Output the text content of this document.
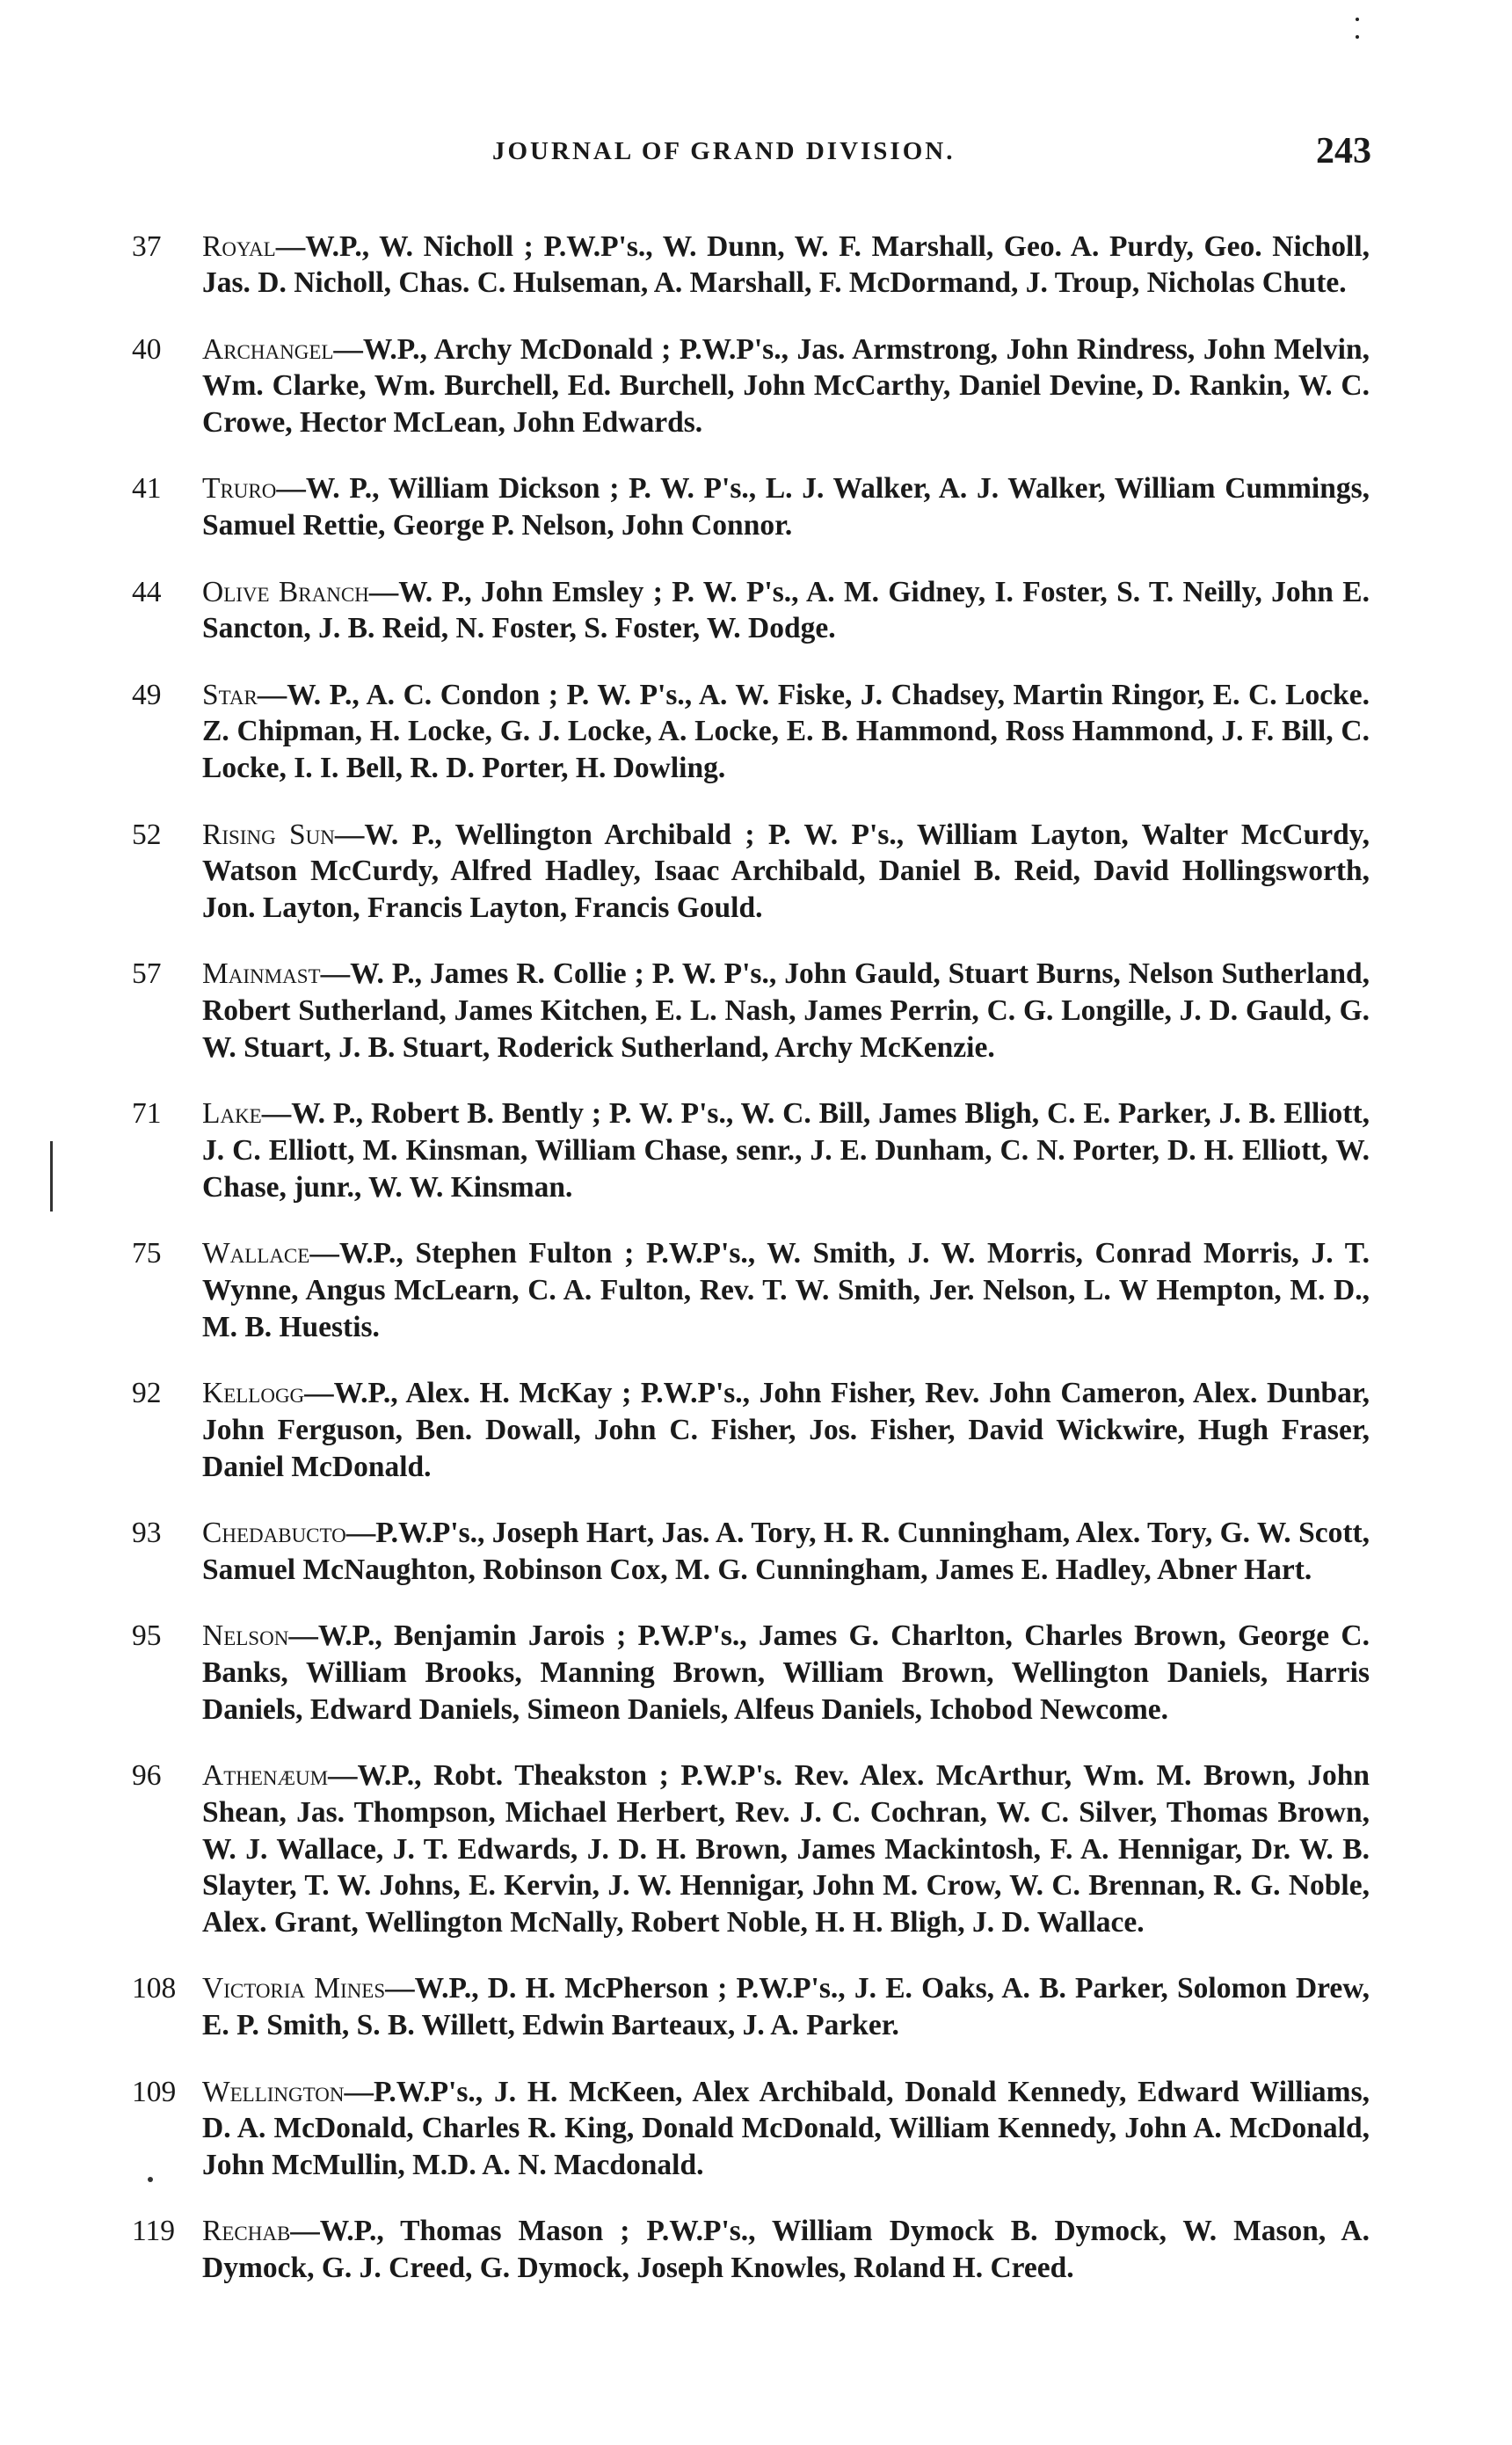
JOURNAL OF GRAND DIVISION.	243

37	Royal—W.P., W. Nicholl ; P.W.P's., W. Dunn, W. F. Marshall, Geo. A. Purdy, Geo. Nicholl, Jas. D. Nicholl, Chas. C. Hulseman, A. Marshall, F. McDormand, J. Troup, Nicholas Chute.

40	Archangel—W.P., Archy McDonald ; P.W.P's., Jas. Armstrong, John Rindress, John Melvin, Wm. Clarke, Wm. Burchell, Ed. Burchell, John McCarthy, Daniel Devine, D. Rankin, W. C. Crowe, Hector McLean, John Edwards.

41	Truro—W. P., William Dickson ; P. W. P's., L. J. Walker, A. J. Walker, William Cummings, Samuel Rettie, George P. Nelson, John Connor.

44	Olive Branch—W. P., John Emsley ; P. W. P's., A. M. Gidney, I. Foster, S. T. Neilly, John E. Sancton, J. B. Reid, N. Foster, S. Foster, W. Dodge.

49	Star—W. P., A. C. Condon ; P. W. P's., A. W. Fiske, J. Chadsey, Martin Ringor, E. C. Locke. Z. Chipman, H. Locke, G. J. Locke, A. Locke, E. B. Hammond, Ross Hammond, J. F. Bill, C. Locke, I. I. Bell, R. D. Porter, H. Dowling.

52	Rising Sun—W. P., Wellington Archibald ; P. W. P's., William Layton, Walter McCurdy, Watson McCurdy, Alfred Hadley, Isaac Archibald, Daniel B. Reid, David Hollingsworth, Jon. Layton, Francis Layton, Francis Gould.

57	Mainmast—W. P., James R. Collie ; P. W. P's., John Gauld, Stuart Burns, Nelson Sutherland, Robert Sutherland, James Kitchen, E. L. Nash, James Perrin, C. G. Longille, J. D. Gauld, G. W. Stuart, J. B. Stuart, Roderick Sutherland, Archy McKenzie.

71	Lake—W. P., Robert B. Bently ; P. W. P's., W. C. Bill, James Bligh, C. E. Parker, J. B. Elliott, J. C. Elliott, M. Kinsman, William Chase, senr., J. E. Dunham, C. N. Porter, D. H. Elliott, W. Chase, junr., W. W. Kinsman.

75	Wallace—W.P., Stephen Fulton ; P.W.P's., W. Smith, J. W. Morris, Conrad Morris, J. T. Wynne, Angus McLearn, C. A. Fulton, Rev. T. W. Smith, Jer. Nelson, L. W Hempton, M. D., M. B. Huestis.

92	Kellogg—W.P., Alex. H. McKay ; P.W.P's., John Fisher, Rev. John Cameron, Alex. Dunbar, John Ferguson, Ben. Dowall, John C. Fisher, Jos. Fisher, David Wickwire, Hugh Fraser, Daniel McDonald.

93	Chedabucto—P.W.P's., Joseph Hart, Jas. A. Tory, H. R. Cunningham, Alex. Tory, G. W. Scott, Samuel McNaughton, Robinson Cox, M. G. Cunningham, James E. Hadley, Abner Hart.

95	Nelson—W.P., Benjamin Jarois ; P.W.P's., James G. Charlton, Charles Brown, George C. Banks, William Brooks, Manning Brown, William Brown, Wellington Daniels, Harris Daniels, Edward Daniels, Simeon Daniels, Alfeus Daniels, Ichobod Newcome.

96	Athenæum—W.P., Robt. Theakston ; P.W.P's. Rev. Alex. McArthur, Wm. M. Brown, John Shean, Jas. Thompson, Michael Herbert, Rev. J. C. Cochran, W. C. Silver, Thomas Brown, W. J. Wallace, J. T. Edwards, J. D. H. Brown, James Mackintosh, F. A. Hennigar, Dr. W. B. Slayter, T. W. Johns, E. Kervin, J. W. Hennigar, John M. Crow, W. C. Brennan, R. G. Noble, Alex. Grant, Wellington McNally, Robert Noble, H. H. Bligh, J. D. Wallace.

108 Victoria Mines—W.P., D. H. McPherson ; P.W.P's., J. E. Oaks, A. B. Parker, Solomon Drew, E. P. Smith, S. B. Willett, Edwin Barteaux, J. A. Parker.

109 Wellington—P.W.P's., J. H. McKeen, Alex Archibald, Donald Kennedy, Edward Williams, D. A. McDonald, Charles R. King, Donald McDonald, William Kennedy, John A. McDonald, John McMullin, M.D. A. N. Macdonald.

119 Rechab—W.P., Thomas Mason ; P.W.P's., William Dymock B. Dymock, W. Mason, A. Dymock, G. J. Creed, G. Dymock, Joseph Knowles, Roland H. Creed.
